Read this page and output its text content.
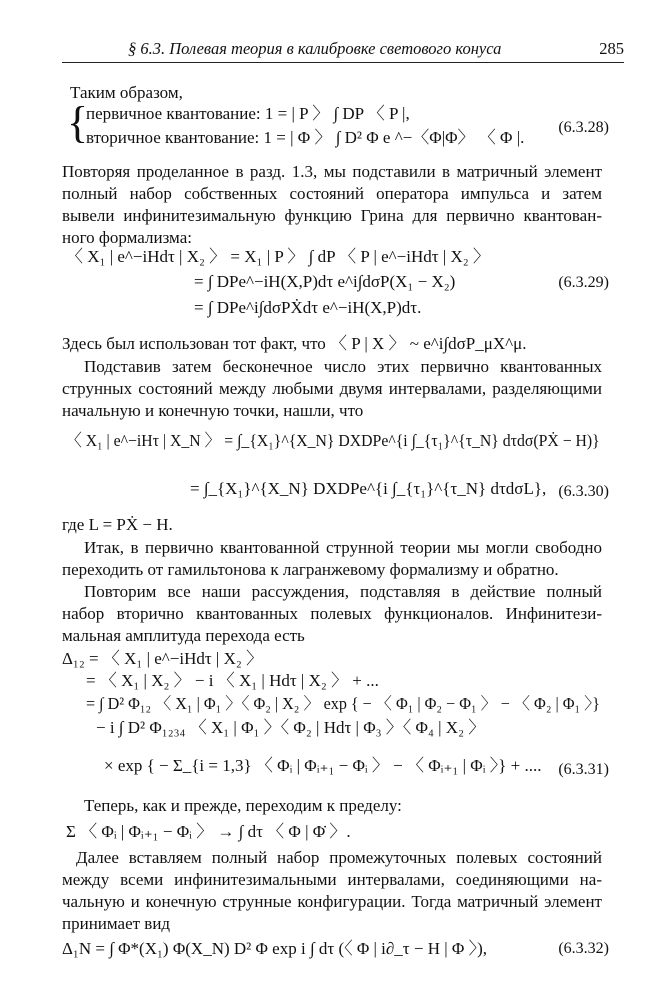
§ 6.3. Полевая теория в калибровке светового конуса	285
Таким образом,
{
первичное квантование: 1 = | P 〉 ∫ DP 〈 P |,
вторичное квантование: 1 = | Φ 〉 ∫ D² Φ e ^−〈Φ|Φ〉 〈 Φ |.
(6.3.28)
Повторяя проделанное в разд. 1.3, мы подставили в матричный элемент
полный набор собственных состояний оператора импульса и затем
вывели инфинитезимальную функцию Грина для первично квантован-
ного формализма:
〈 X₁ | e^−iHdτ | X₂ 〉 = X₁ | P 〉 ∫ dP 〈 P | e^−iHdτ | X₂ 〉
= ∫ DPe^−iH(X,P)dτ e^i∫dσP(X₁ − X₂)
= ∫ DPe^i∫dσPẊdτ e^−iH(X,P)dτ.
(6.3.29)
Здесь был использован тот факт, что 〈 P | X 〉 ~ e^i∫dσP_μX^μ.
Подставив затем бесконечное число этих первично квантованных
струнных состояний между любыми двумя интервалами, разделяющими
начальную и конечную точки, нашли, что
〈 X₁ | e^−iHτ | X_N 〉 = ∫_{X₁}^{X_N} DXDPe^{i ∫_{τ₁}^{τ_N} dτdσ(PẊ − H)}
= ∫_{X₁}^{X_N} DXDPe^{i ∫_{τ₁}^{τ_N} dτdσL}, (6.3.30)
где L = PẊ − H.
Итак, в первично квантованной струнной теории мы могли свободно
переходить от гамильтонова к лагранжевому формализму и обратно.
Повторим все наши рассуждения, подставляя в действие полный
набор вторично квантованных полевых функционалов. Инфинитези-
мальная амплитуда перехода есть
Δ₁₂ = 〈 X₁ | e^−iHdτ | X₂ 〉
= 〈 X₁ | X₂ 〉 − i 〈 X₁ | Hdτ | X₂ 〉 + ...
= ∫ D² Φ₁₂ 〈 X₁ | Φ₁ 〉〈 Φ₂ | X₂ 〉 exp { − 〈 Φ₁ | Φ₂ − Φ₁ 〉 − 〈 Φ₂ | Φ₁ 〉}
− i ∫ D² Φ₁₂₃₄ 〈 X₁ | Φ₁ 〉〈 Φ₂ | Hdτ | Φ₃ 〉〈 Φ₄ | X₂ 〉
× exp { − Σ_{i = 1,3} 〈 Φᵢ | Φᵢ₊₁ − Φᵢ 〉 − 〈 Φᵢ₊₁ | Φᵢ 〉} + .... (6.3.31)
Теперь, как и прежде, переходим к пределу:
Σ 〈 Φᵢ | Φᵢ₊₁ − Φᵢ 〉 → ∫ dτ 〈 Φ | Φ̇ 〉.
Далее вставляем полный набор промежуточных полевых состояний
между всеми инфинитезимальными интервалами, соединяющими на-
чальную и конечную струнные конфигурации. Тогда матричный элемент
принимает вид
Δ₁N = ∫ Φ*(X₁) Φ(X_N) D² Φ exp i ∫ dτ (〈 Φ | i∂_τ − H | Φ 〉),	(6.3.32)
